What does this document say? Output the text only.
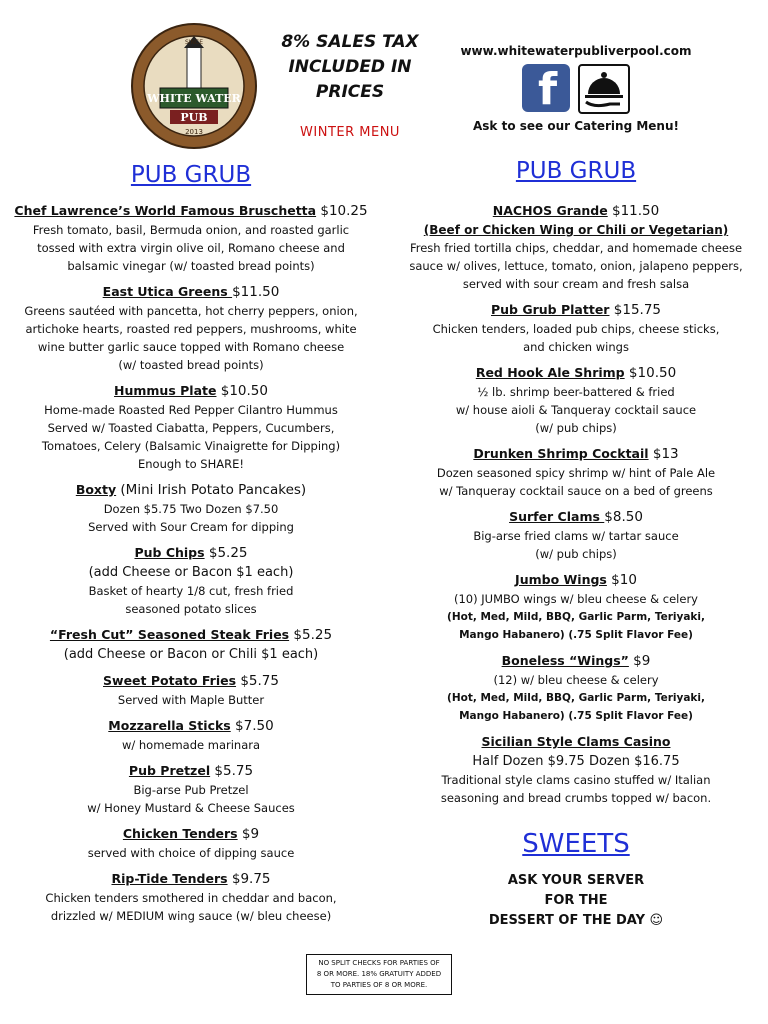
WHITE WATER
PUB
2013
SINCE	8% SALES TAX
INCLUDED IN
PRICES
WINTER MENU
www.whitewaterpubliverpool.com
f
Ask to see our Catering Menu!
PUB GRUB
Chef Lawrence’s World Famous Bruschetta $10.25
Fresh tomato, basil, Bermuda onion, and roasted garlic
tossed with extra virgin olive oil, Romano cheese and
balsamic vinegar (w/ toasted bread points)
East Utica Greens $11.50
Greens sautéed with pancetta, hot cherry peppers, onion,
artichoke hearts, roasted red peppers, mushrooms, white
wine butter garlic sauce topped with Romano cheese
(w/ toasted bread points)
Hummus Plate $10.50
Home-made Roasted Red Pepper Cilantro Hummus
Served w/ Toasted Ciabatta, Peppers, Cucumbers,
Tomatoes, Celery (Balsamic Vinaigrette for Dipping)
Enough to SHARE!
Boxty (Mini Irish Potato Pancakes)
Dozen $5.75 Two Dozen $7.50
Served with Sour Cream for dipping
Pub Chips $5.25
(add Cheese or Bacon $1 each)
Basket of hearty 1/8 cut, fresh fried
seasoned potato slices
“Fresh Cut” Seasoned Steak Fries $5.25
(add Cheese or Bacon or Chili $1 each)
Sweet Potato Fries $5.75
Served with Maple Butter
Mozzarella Sticks $7.50
w/ homemade marinara
Pub Pretzel $5.75
Big-arse Pub Pretzel
w/ Honey Mustard & Cheese Sauces
Chicken Tenders $9
served with choice of dipping sauce
Rip-Tide Tenders $9.75
Chicken tenders smothered in cheddar and bacon,
drizzled w/ MEDIUM wing sauce (w/ bleu cheese)
PUB GRUB
NACHOS Grande $11.50
(Beef or Chicken Wing or Chili or Vegetarian)
Fresh fried tortilla chips, cheddar, and homemade cheese
sauce w/ olives, lettuce, tomato, onion, jalapeno peppers,
served with sour cream and fresh salsa
Pub Grub Platter $15.75
Chicken tenders, loaded pub chips, cheese sticks,
and chicken wings
Red Hook Ale Shrimp $10.50
½ lb. shrimp beer-battered & fried
w/ house aioli & Tanqueray cocktail sauce
(w/ pub chips)
Drunken Shrimp Cocktail $13
Dozen seasoned spicy shrimp w/ hint of Pale Ale
w/ Tanqueray cocktail sauce on a bed of greens
Surfer Clams $8.50
Big-arse fried clams w/ tartar sauce
(w/ pub chips)
Jumbo Wings $10
(10) JUMBO wings w/ bleu cheese & celery
(Hot, Med, Mild, BBQ, Garlic Parm, Teriyaki,
Mango Habanero) (.75 Split Flavor Fee)
Boneless “Wings” $9
(12) w/ bleu cheese & celery
(Hot, Med, Mild, BBQ, Garlic Parm, Teriyaki,
Mango Habanero) (.75 Split Flavor Fee)
Sicilian Style Clams Casino
Half Dozen $9.75 Dozen $16.75
Traditional style clams casino stuffed w/ Italian
seasoning and bread crumbs topped w/ bacon.
SWEETS
ASK YOUR SERVER
FOR THE
DESSERT OF THE DAY ☺
NO SPLIT CHECKS FOR PARTIES OF
8 OR MORE. 18% GRATUITY ADDED
TO PARTIES OF 8 OR MORE.
